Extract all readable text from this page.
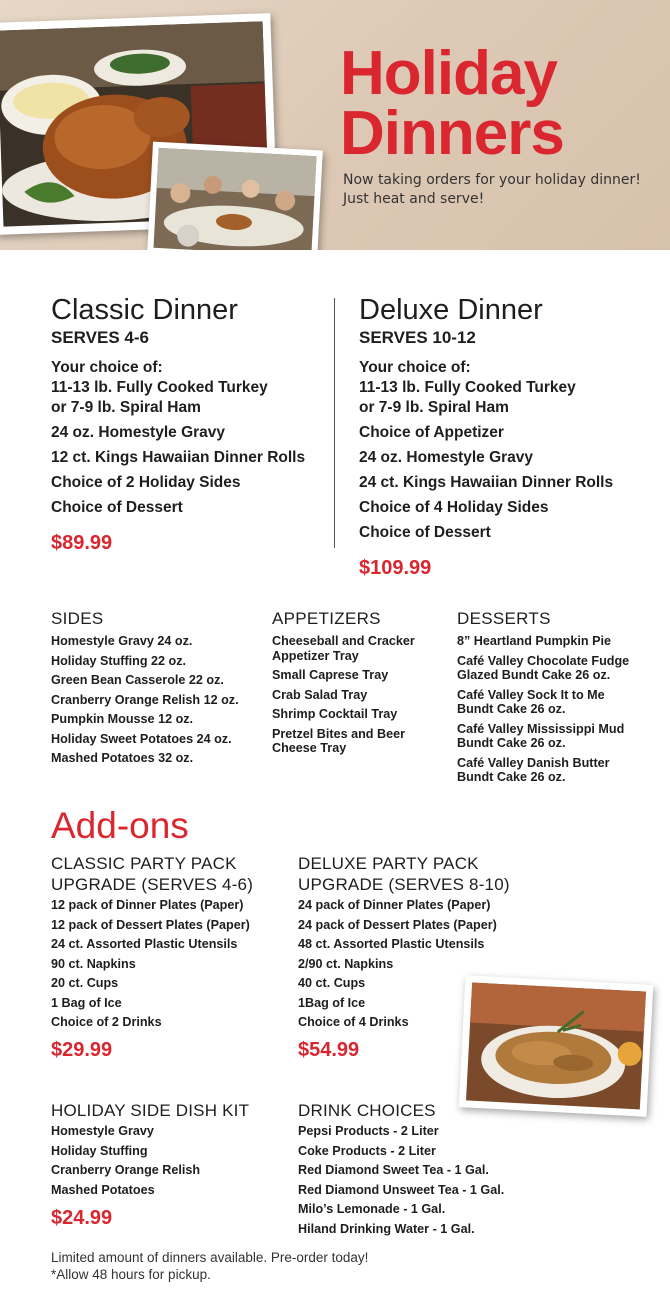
Holiday
Dinners
Now taking orders for your holiday dinner!
Just heat and serve!
Classic Dinner
SERVES 4-6
Your choice of:
11-13 lb. Fully Cooked Turkey
or 7-9 lb. Spiral Ham
24 oz. Homestyle Gravy
12 ct. Kings Hawaiian Dinner Rolls
Choice of 2 Holiday Sides
Choice of Dessert
$89.99
Deluxe Dinner
SERVES 10-12
Your choice of:
11-13 lb. Fully Cooked Turkey
or 7-9 lb. Spiral Ham
Choice of Appetizer
24 oz. Homestyle Gravy
24 ct. Kings Hawaiian Dinner Rolls
Choice of 4 Holiday Sides
Choice of Dessert
$109.99
SIDES
Homestyle Gravy 24 oz.
Holiday Stuffing 22 oz.
Green Bean Casserole 22 oz.
Cranberry Orange Relish 12 oz.
Pumpkin Mousse 12 oz.
Holiday Sweet Potatoes 24 oz.
Mashed Potatoes 32 oz.
APPETIZERS
Cheeseball and Cracker
Appetizer Tray
Small Caprese Tray
Crab Salad Tray
Shrimp Cocktail Tray
Pretzel Bites and Beer
Cheese Tray
DESSERTS
8” Heartland Pumpkin Pie
Café Valley Chocolate Fudge
Glazed Bundt Cake 26 oz.
Café Valley Sock It to Me
Bundt Cake 26 oz.
Café Valley Mississippi Mud
Bundt Cake 26 oz.
Café Valley Danish Butter
Bundt Cake 26 oz.
Add-ons
CLASSIC PARTY PACK
UPGRADE (SERVES 4-6)
12 pack of Dinner Plates (Paper)
12 pack of Dessert Plates (Paper)
24 ct. Assorted Plastic Utensils
90 ct. Napkins
20 ct. Cups
1 Bag of Ice
Choice of 2 Drinks
$29.99
DELUXE PARTY PACK
UPGRADE (SERVES 8-10)
24 pack of Dinner Plates (Paper)
24 pack of Dessert Plates (Paper)
48 ct. Assorted Plastic Utensils
2/90 ct. Napkins
40 ct. Cups
1Bag of Ice
Choice of 4 Drinks
$54.99
HOLIDAY SIDE DISH KIT
Homestyle Gravy
Holiday Stuffing
Cranberry Orange Relish
Mashed Potatoes
$24.99
DRINK CHOICES
Pepsi Products - 2 Liter
Coke Products - 2 Liter
Red Diamond Sweet Tea - 1 Gal.
Red Diamond Unsweet Tea - 1 Gal.
Milo’s Lemonade - 1 Gal.
Hiland Drinking Water - 1 Gal.
Limited amount of dinners available. Pre-order today!
*Allow 48 hours for pickup.
